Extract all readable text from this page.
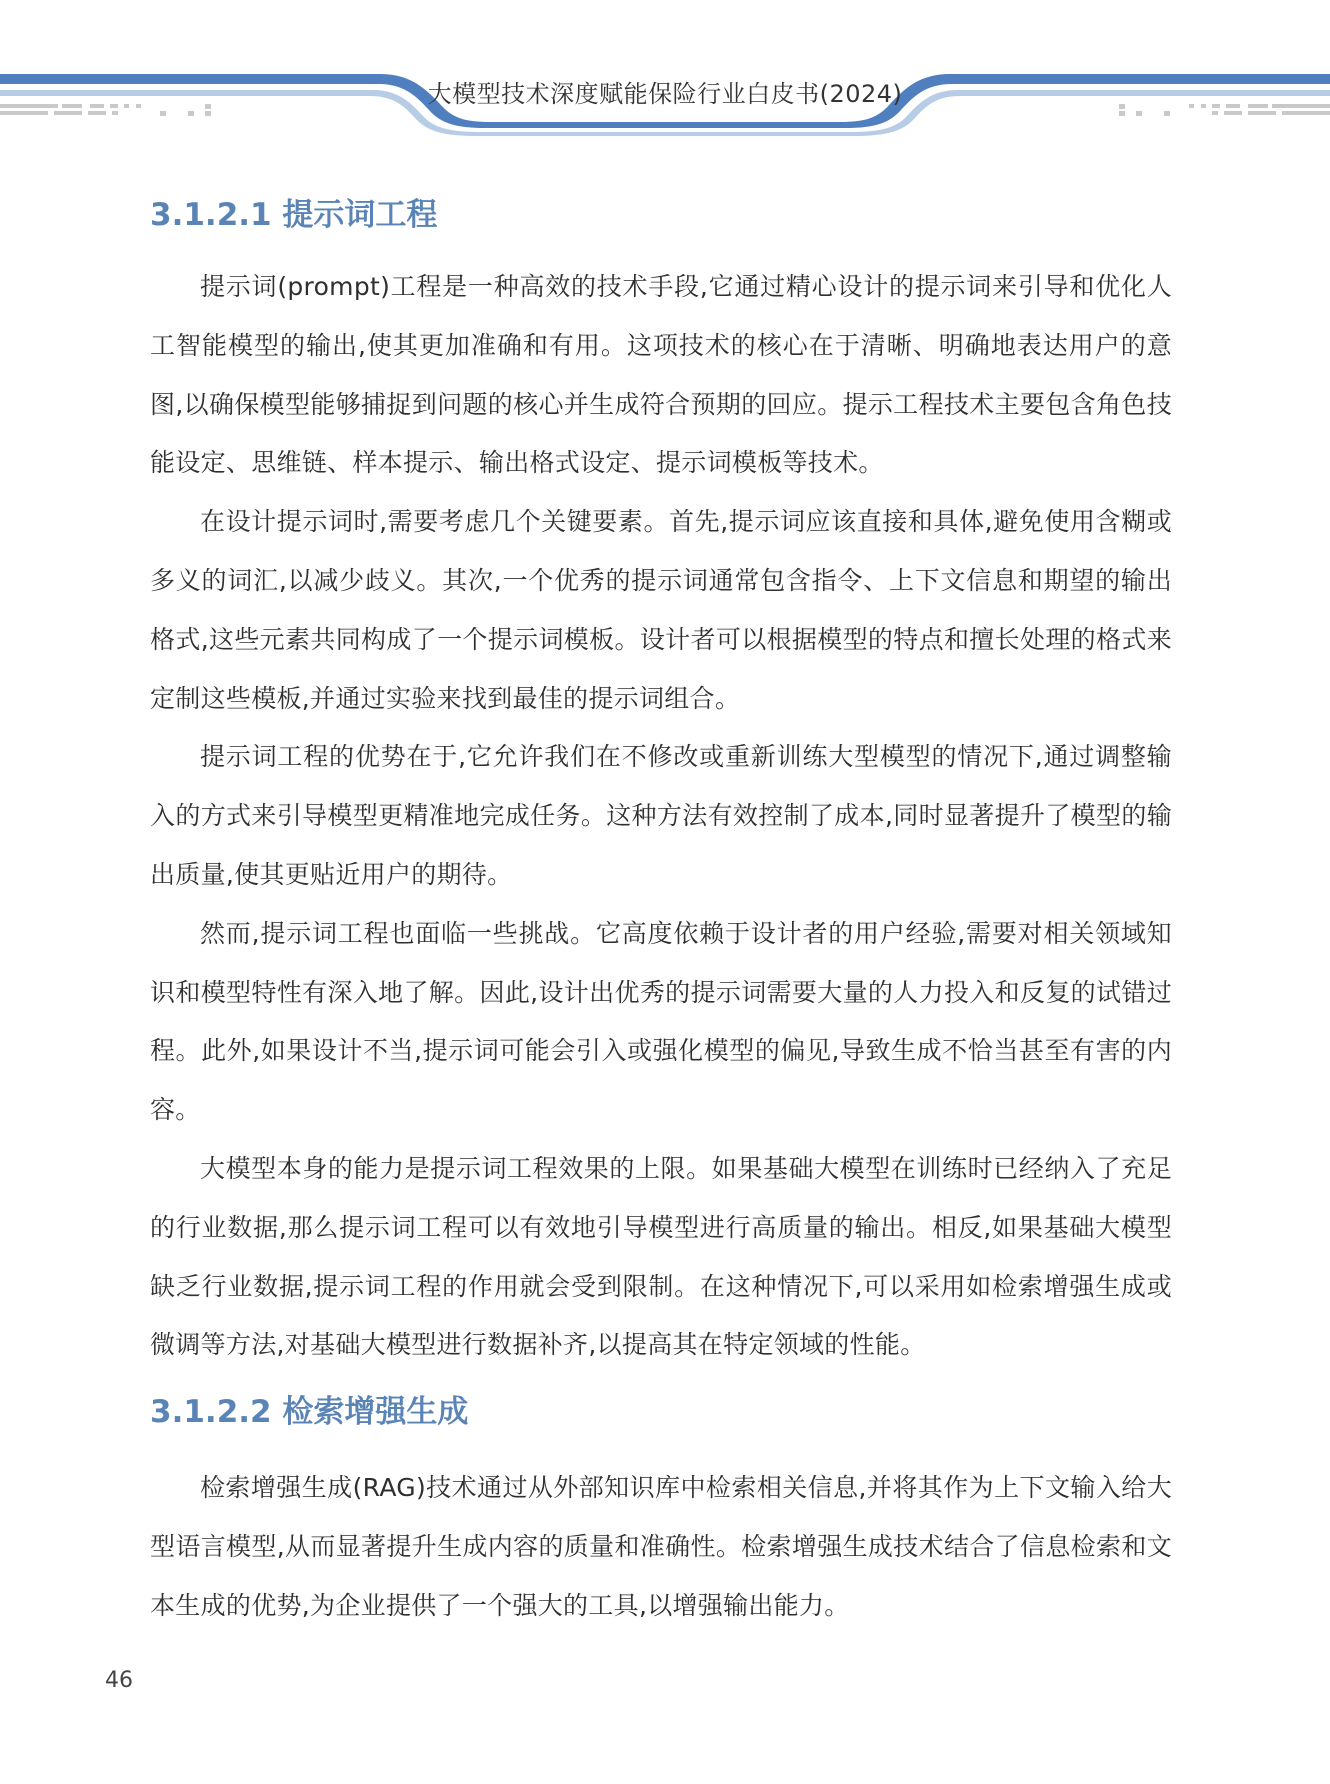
大模型技术深度赋能保险行业白皮书(2024)
3.1.2.1 提示词工程

提示词(prompt)工程是一种高效的技术手段,它通过精心设计的提示词来引导和优化人工智能模型的输出,使其更加准确和有用。这项技术的核心在于清晰、明确地表达用户的意图,以确保模型能够捕捉到问题的核心并生成符合预期的回应。提示工程技术主要包含角色技能设定、思维链、样本提示、输出格式设定、提示词模板等技术。

在设计提示词时,需要考虑几个关键要素。首先,提示词应该直接和具体,避免使用含糊或多义的词汇,以减少歧义。其次,一个优秀的提示词通常包含指令、上下文信息和期望的输出格式,这些元素共同构成了一个提示词模板。设计者可以根据模型的特点和擅长处理的格式来定制这些模板,并通过实验来找到最佳的提示词组合。

提示词工程的优势在于,它允许我们在不修改或重新训练大型模型的情况下,通过调整输入的方式来引导模型更精准地完成任务。这种方法有效控制了成本,同时显著提升了模型的输出质量,使其更贴近用户的期待。

然而,提示词工程也面临一些挑战。它高度依赖于设计者的用户经验,需要对相关领域知识和模型特性有深入地了解。因此,设计出优秀的提示词需要大量的人力投入和反复的试错过程。此外,如果设计不当,提示词可能会引入或强化模型的偏见,导致生成不恰当甚至有害的内容。

大模型本身的能力是提示词工程效果的上限。如果基础大模型在训练时已经纳入了充足的行业数据,那么提示词工程可以有效地引导模型进行高质量的输出。相反,如果基础大模型缺乏行业数据,提示词工程的作用就会受到限制。在这种情况下,可以采用如检索增强生成或微调等方法,对基础大模型进行数据补齐,以提高其在特定领域的性能。

3.1.2.2 检索增强生成

检索增强生成(RAG)技术通过从外部知识库中检索相关信息,并将其作为上下文输入给大型语言模型,从而显著提升生成内容的质量和准确性。检索增强生成技术结合了信息检索和文本生成的优势,为企业提供了一个强大的工具,以增强输出能力。

46
